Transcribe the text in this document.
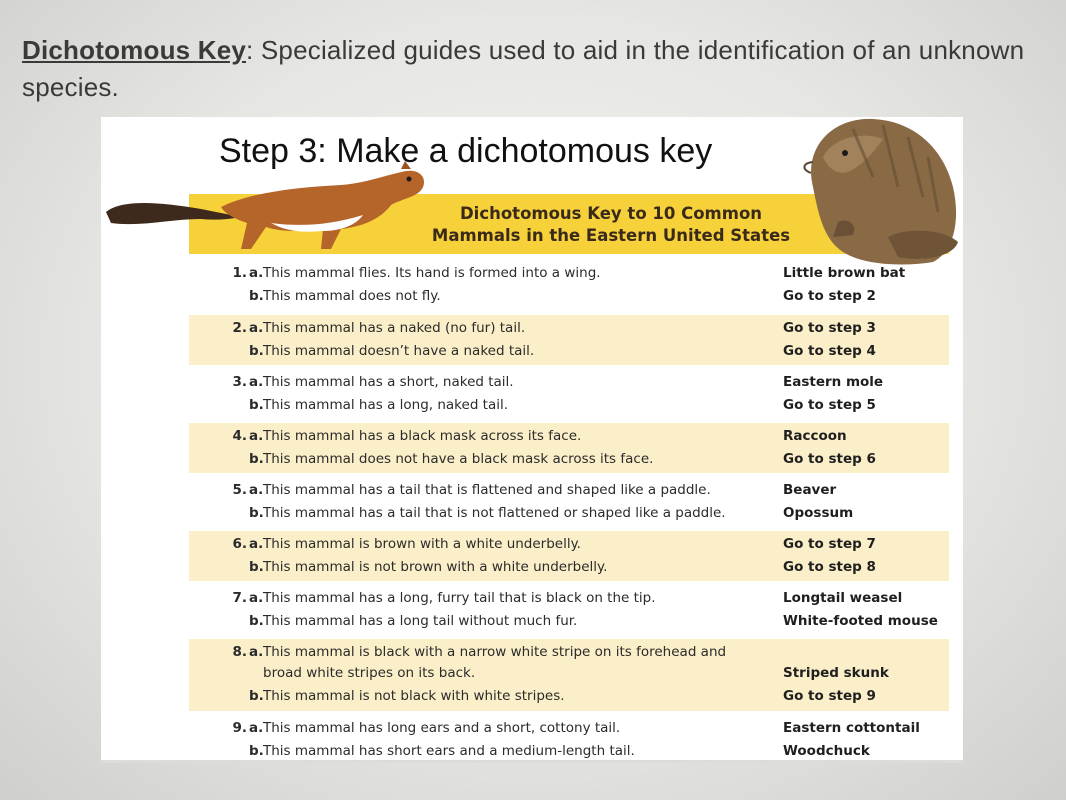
Dichotomous Key: Specialized guides used to aid in the identification of an unknown species.
Step 3: Make a dichotomous key
Dichotomous Key to 10 Common
Mammals in the Eastern United States
1. a. This mammal flies. Its hand is formed into a wing.	Little brown bat
b. This mammal does not fly.	Go to step 2
2. a. This mammal has a naked (no fur) tail.	Go to step 3
b. This mammal doesn’t have a naked tail.	Go to step 4
3. a. This mammal has a short, naked tail.	Eastern mole
b. This mammal has a long, naked tail.	Go to step 5
4. a. This mammal has a black mask across its face.	Raccoon
b. This mammal does not have a black mask across its face.	Go to step 6
5. a. This mammal has a tail that is flattened and shaped like a paddle.	Beaver
b. This mammal has a tail that is not flattened or shaped like a paddle.	Opossum
6. a. This mammal is brown with a white underbelly.	Go to step 7
b. This mammal is not brown with a white underbelly.	Go to step 8
7. a. This mammal has a long, furry tail that is black on the tip.	Longtail weasel
b. This mammal has a long tail without much fur.	White-footed mouse
8. a. This mammal is black with a narrow white stripe on its forehead and
broad white stripes on its back.	Striped skunk
b. This mammal is not black with white stripes.	Go to step 9
9. a. This mammal has long ears and a short, cottony tail.	Eastern cottontail
b. This mammal has short ears and a medium-length tail.	Woodchuck
